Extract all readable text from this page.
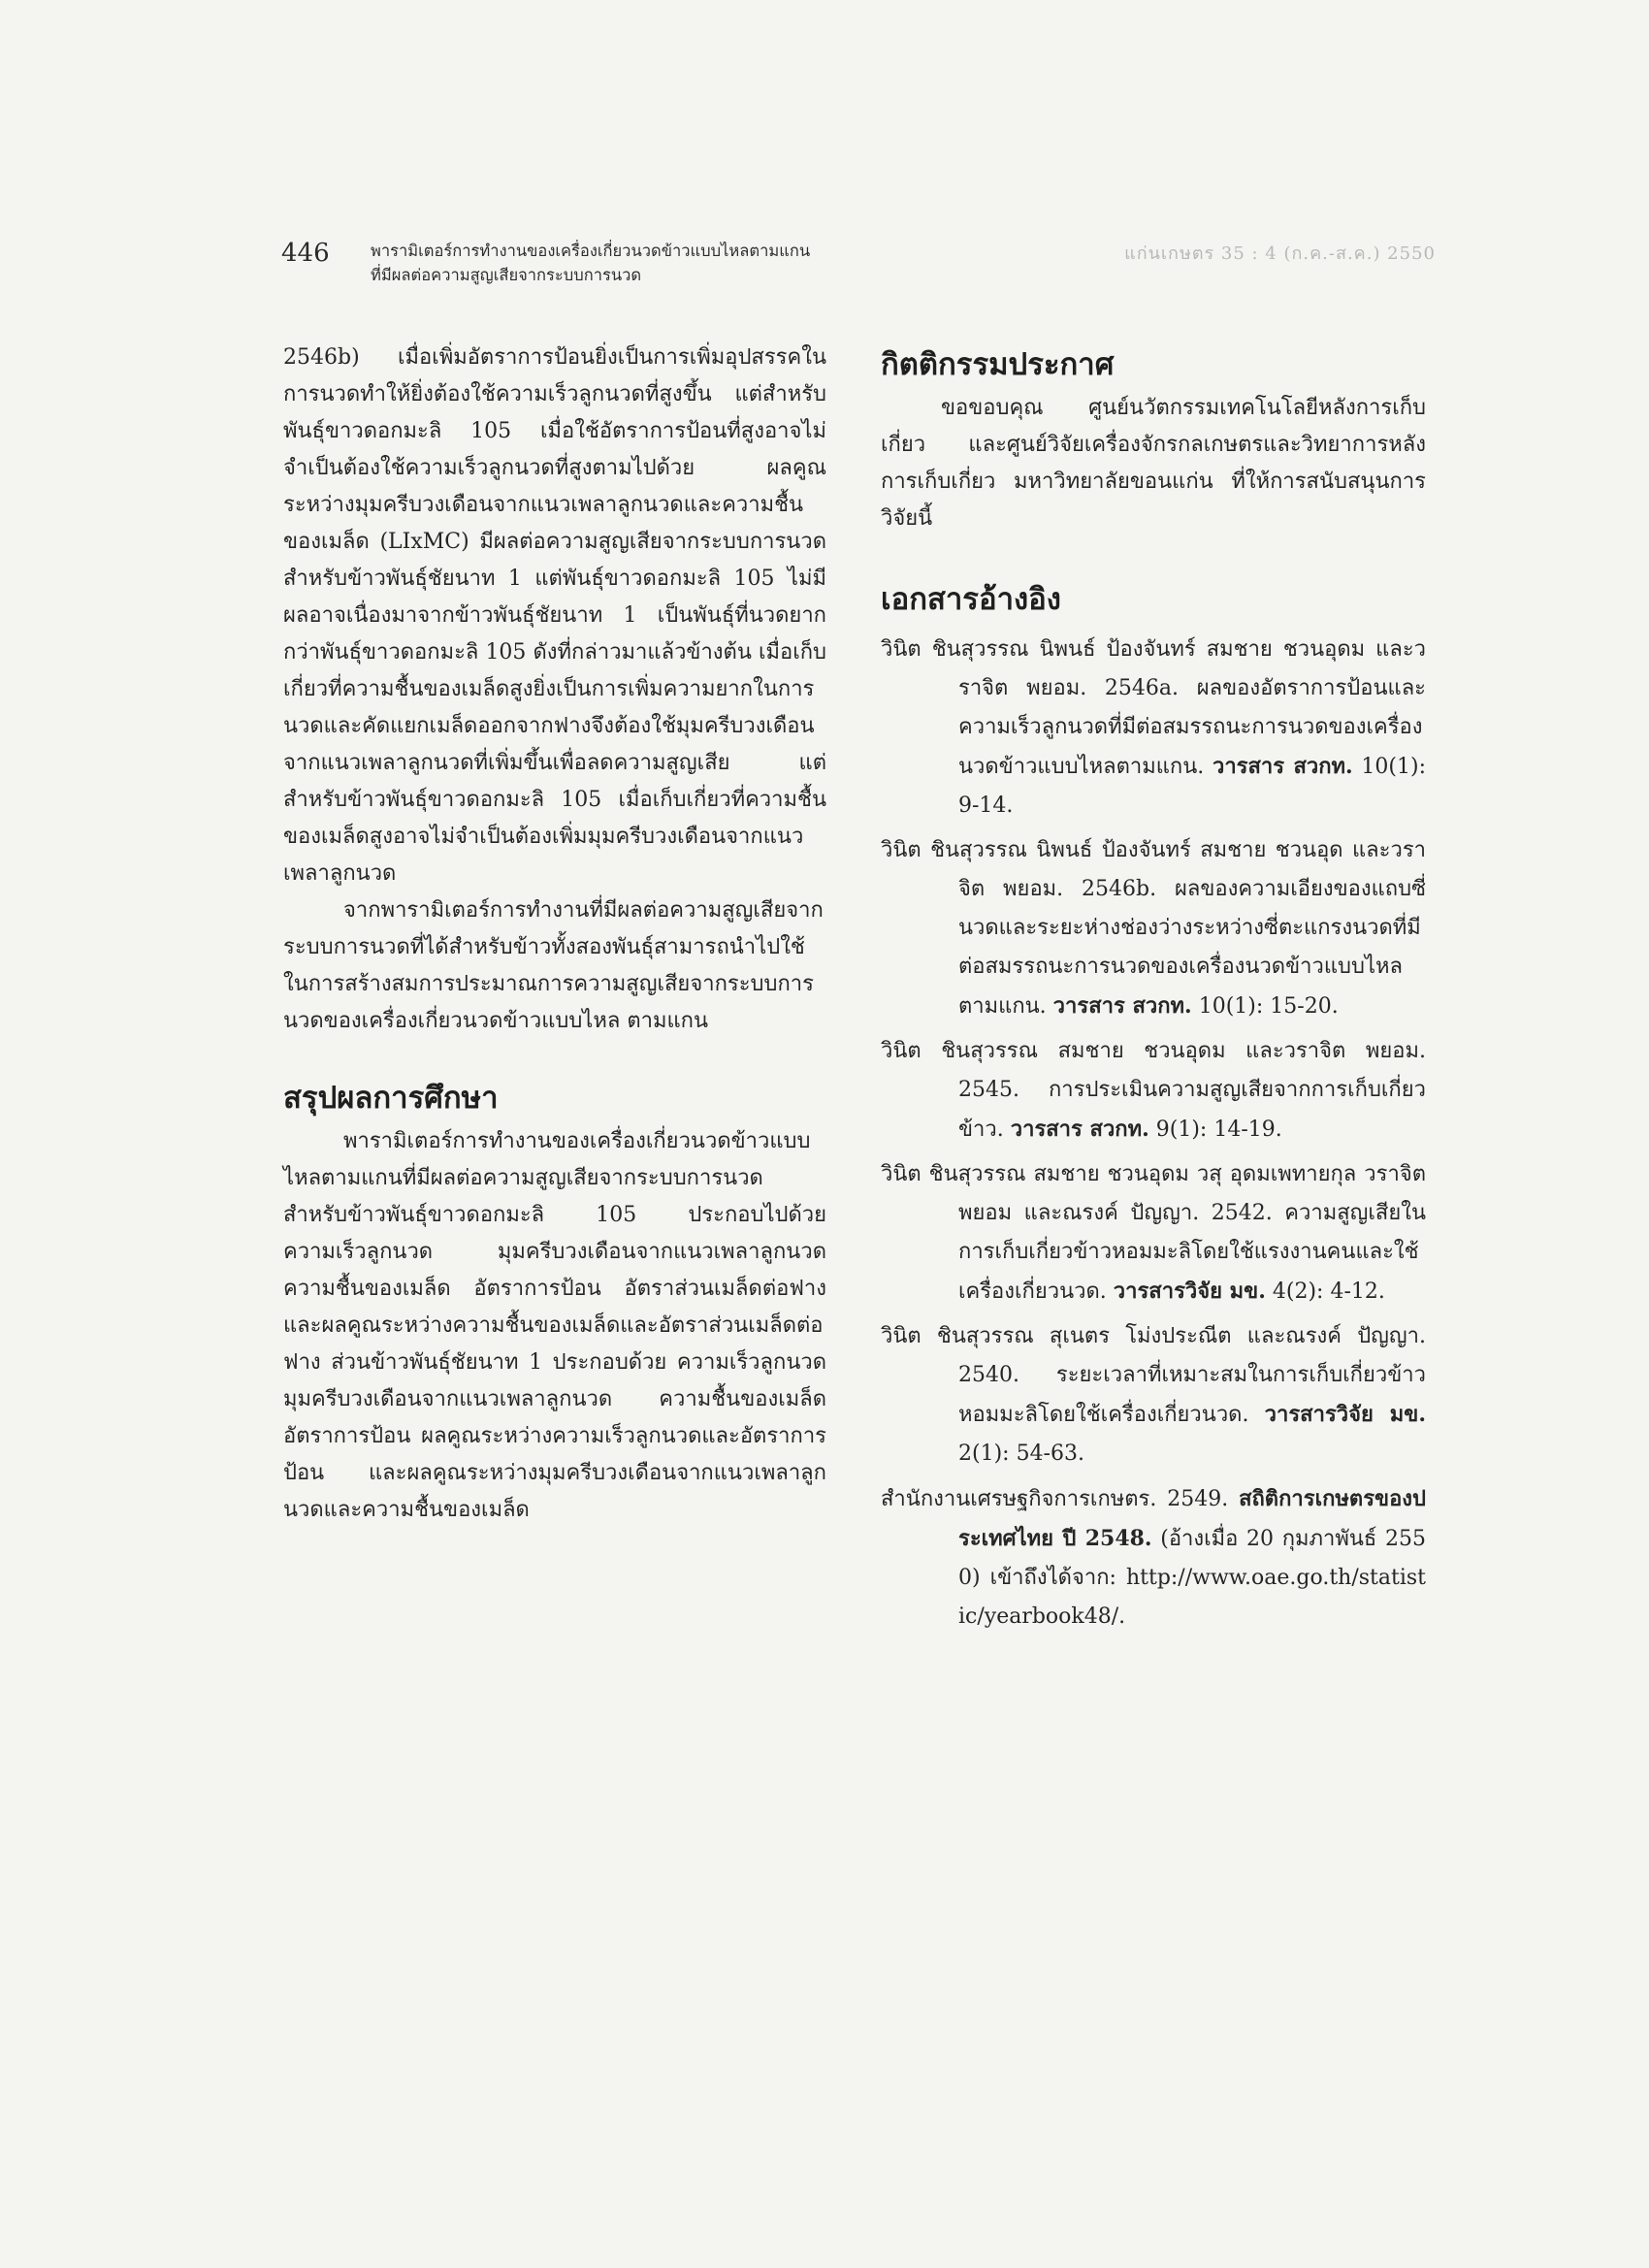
446	พารามิเตอร์การทำงานของเครื่องเกี่ยวนวดข้าวแบบไหลตามแกน
ที่มีผลต่อความสูญเสียจากระบบการนวด
แก่นเกษตร 35 : 4 (ก.ค.-ส.ค.) 2550

2546b) เมื่อเพิ่มอัตราการป้อนยิ่งเป็นการเพิ่มอุปสรรคในการนวดทำให้ยิ่งต้องใช้ความเร็วลูกนวดที่สูงขึ้น แต่สำหรับพันธุ์ขาวดอกมะลิ 105 เมื่อใช้อัตราการป้อนที่สูงอาจไม่จำเป็นต้องใช้ความเร็วลูกนวดที่สูงตามไปด้วย ผลคูณระหว่างมุมครีบวงเดือนจากแนวเพลาลูกนวดและความชื้นของเมล็ด (LIxMC) มีผลต่อความสูญเสียจากระบบการนวดสำหรับข้าวพันธุ์ชัยนาท 1 แต่พันธุ์ขาวดอกมะลิ 105 ไม่มีผลอาจเนื่องมาจากข้าวพันธุ์ชัยนาท 1 เป็นพันธุ์ที่นวดยากกว่าพันธุ์ขาวดอกมะลิ 105 ดังที่กล่าวมาแล้วข้างต้น เมื่อเก็บเกี่ยวที่ความชื้นของเมล็ดสูงยิ่งเป็นการเพิ่มความยากในการนวดและคัดแยกเมล็ดออกจากฟางจึงต้องใช้มุมครีบวงเดือนจากแนวเพลาลูกนวดที่เพิ่มขึ้นเพื่อลดความสูญเสีย แต่สำหรับข้าวพันธุ์ขาวดอกมะลิ 105 เมื่อเก็บเกี่ยวที่ความชื้นของเมล็ดสูงอาจไม่จำเป็นต้องเพิ่มมุมครีบวงเดือนจากแนวเพลาลูกนวด

จากพารามิเตอร์การทำงานที่มีผลต่อความสูญเสียจากระบบการนวดที่ได้สำหรับข้าวทั้งสองพันธุ์สามารถนำไปใช้ในการสร้างสมการประมาณการความสูญเสียจากระบบการนวดของเครื่องเกี่ยวนวดข้าวแบบไหล ตามแกน

สรุปผลการศึกษา

พารามิเตอร์การทำงานของเครื่องเกี่ยวนวดข้าวแบบไหลตามแกนที่มีผลต่อความสูญเสียจากระบบการนวดสำหรับข้าวพันธุ์ขาวดอกมะลิ 105 ประกอบไปด้วย ความเร็วลูกนวด มุมครีบวงเดือนจากแนวเพลาลูกนวด ความชื้นของเมล็ด อัตราการป้อน อัตราส่วนเมล็ดต่อฟาง และผลคูณระหว่างความชื้นของเมล็ดและอัตราส่วนเมล็ดต่อฟาง ส่วนข้าวพันธุ์ชัยนาท 1 ประกอบด้วย ความเร็วลูกนวด มุมครีบวงเดือนจากแนวเพลาลูกนวด ความชื้นของเมล็ด อัตราการป้อน ผลคูณระหว่างความเร็วลูกนวดและอัตราการป้อน และผลคูณระหว่างมุมครีบวงเดือนจากแนวเพลาลูกนวดและความชื้นของเมล็ด

กิตติกรรมประกาศ

ขอขอบคุณ ศูนย์นวัตกรรมเทคโนโลยีหลังการเก็บเกี่ยว และศูนย์วิจัยเครื่องจักรกลเกษตรและวิทยาการหลังการเก็บเกี่ยว มหาวิทยาลัยขอนแก่น ที่ให้การสนับสนุนการวิจัยนี้

เอกสารอ้างอิง
วินิต ชินสุวรรณ นิพนธ์ ป้องจันทร์ สมชาย ชวนอุดม และวราจิต พยอม. 2546a. ผลของอัตราการป้อนและความเร็วลูกนวดที่มีต่อสมรรถนะการนวดของเครื่องนวดข้าวแบบไหลตามแกน. วารสาร สวกท. 10(1): 9-14.
วินิต ชินสุวรรณ นิพนธ์ ป้องจันทร์ สมชาย ชวนอุด และวราจิต พยอม. 2546b. ผลของความเอียงของแถบซี่นวดและระยะห่างช่องว่างระหว่างซี่ตะแกรงนวดที่มีต่อสมรรถนะการนวดของเครื่องนวดข้าวแบบไหลตามแกน. วารสาร สวกท. 10(1): 15-20.
วินิต ชินสุวรรณ สมชาย ชวนอุดม และวราจิต พยอม. 2545. การประเมินความสูญเสียจากการเก็บเกี่ยวข้าว. วารสาร สวกท. 9(1): 14-19.
วินิต ชินสุวรรณ สมชาย ชวนอุดม วสุ อุดมเพทายกุล วราจิต พยอม และณรงค์ ปัญญา. 2542. ความสูญเสียในการเก็บเกี่ยวข้าวหอมมะลิโดยใช้แรงงานคนและใช้เครื่องเกี่ยวนวด. วารสารวิจัย มข. 4(2): 4-12.
วินิต ชินสุวรรณ สุเนตร โม่งประณีต และณรงค์ ปัญญา. 2540. ระยะเวลาที่เหมาะสมในการเก็บเกี่ยวข้าวหอมมะลิโดยใช้เครื่องเกี่ยวนวด. วารสารวิจัย มข. 2(1): 54-63.
สำนักงานเศรษฐกิจการเกษตร. 2549. สถิติการเกษตรของประเทศไทย ปี 2548. (อ้างเมื่อ 20 กุมภาพันธ์ 2550) เข้าถึงได้จาก: http://www.oae.go.th/statistic/yearbook48/.
